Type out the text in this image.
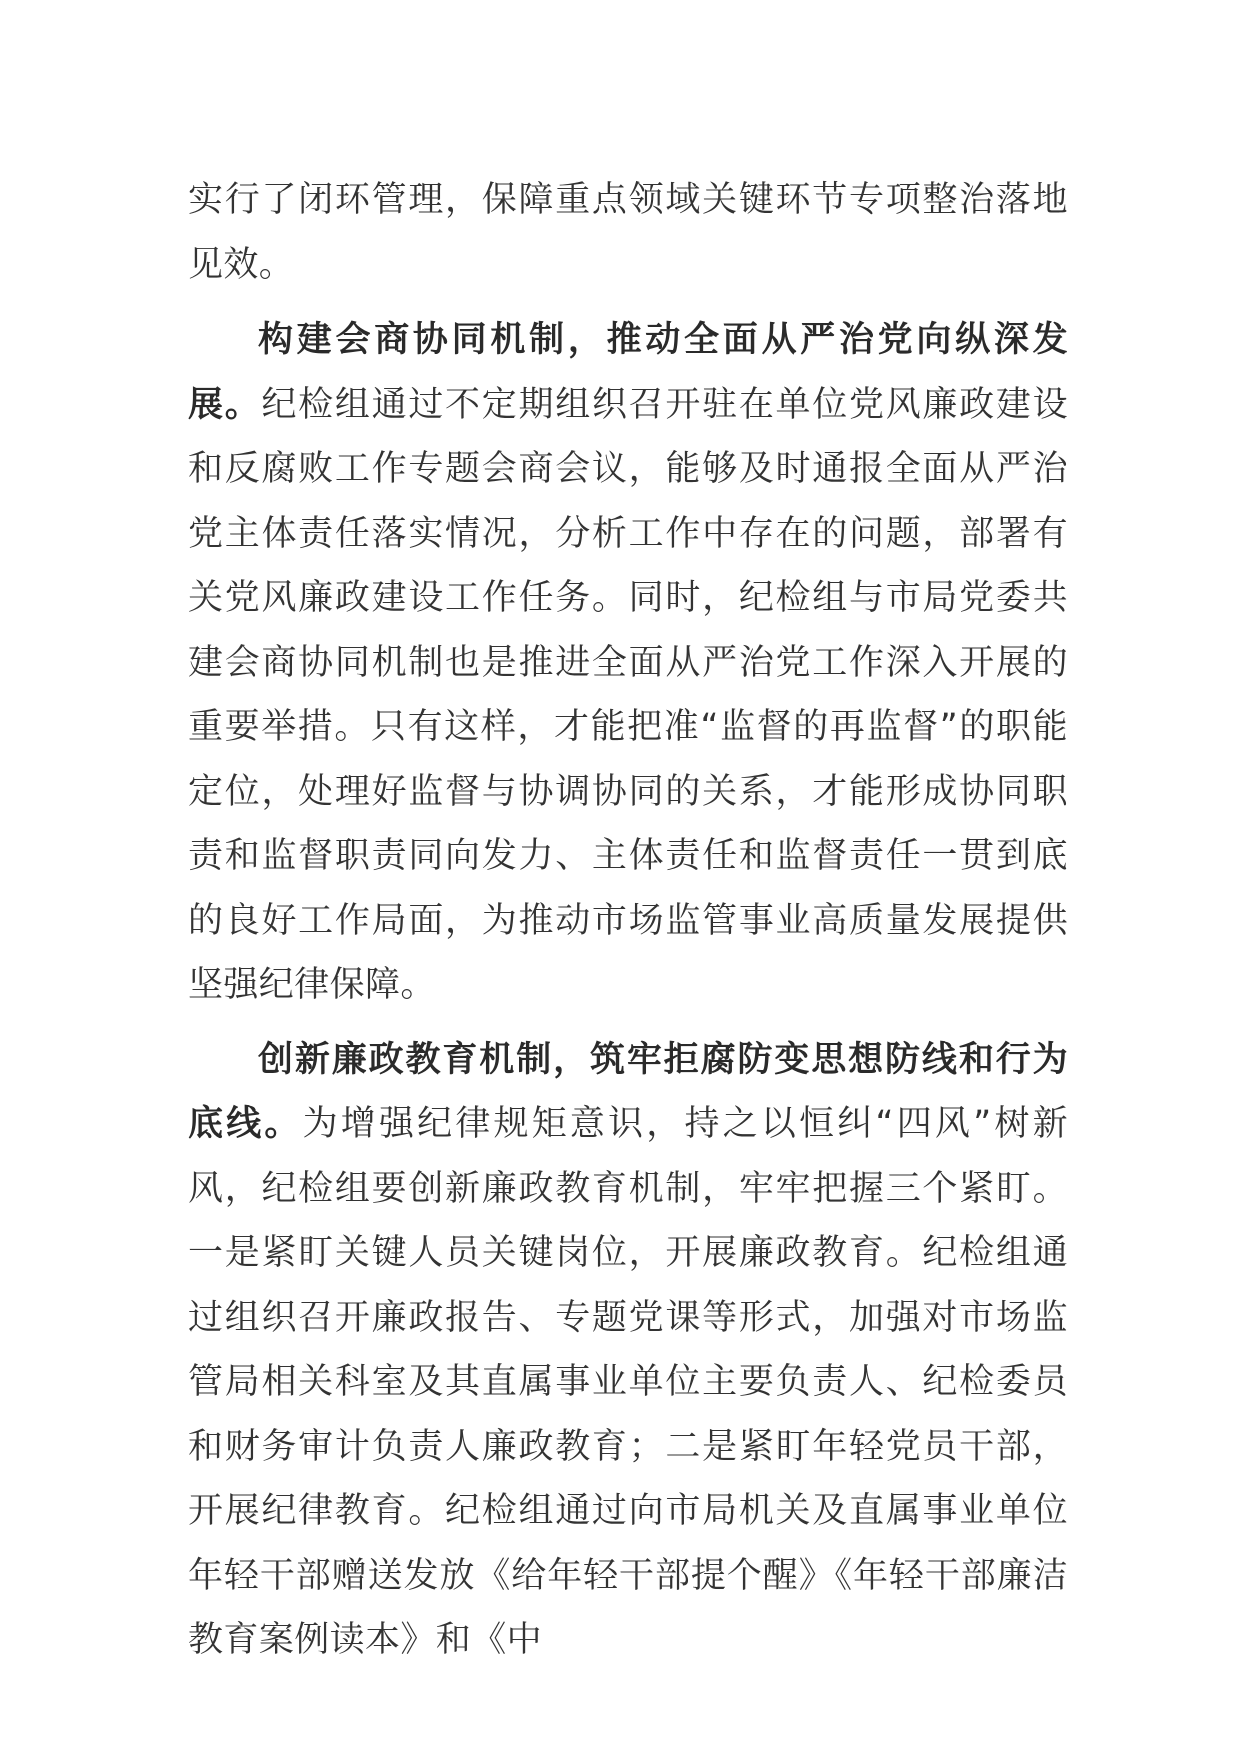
实行了闭环管理，保障重点领域关键环节专项整治落地见效。

构建会商协同机制，推动全面从严治党向纵深发展。纪检组通过不定期组织召开驻在单位党风廉政建设和反腐败工作专题会商会议，能够及时通报全面从严治党主体责任落实情况，分析工作中存在的问题，部署有关党风廉政建设工作任务。同时，纪检组与市局党委共建会商协同机制也是推进全面从严治党工作深入开展的重要举措。只有这样，才能把准“监督的再监督”的职能定位，处理好监督与协调协同的关系，才能形成协同职责和监督职责同向发力、主体责任和监督责任一贯到底的良好工作局面，为推动市场监管事业高质量发展提供坚强纪律保障。

创新廉政教育机制，筑牢拒腐防变思想防线和行为底线。为增强纪律规矩意识，持之以恒纠“四风”树新风，纪检组要创新廉政教育机制，牢牢把握三个紧盯。一是紧盯关键人员关键岗位，开展廉政教育。纪检组通过组织召开廉政报告、专题党课等形式，加强对市场监管局相关科室及其直属事业单位主要负责人、纪检委员和财务审计负责人廉政教育；二是紧盯年轻党员干部，开展纪律教育。纪检组通过向市局机关及直属事业单位年轻干部赠送发放《给年轻干部提个醒》《年轻干部廉洁教育案例读本》和《中
